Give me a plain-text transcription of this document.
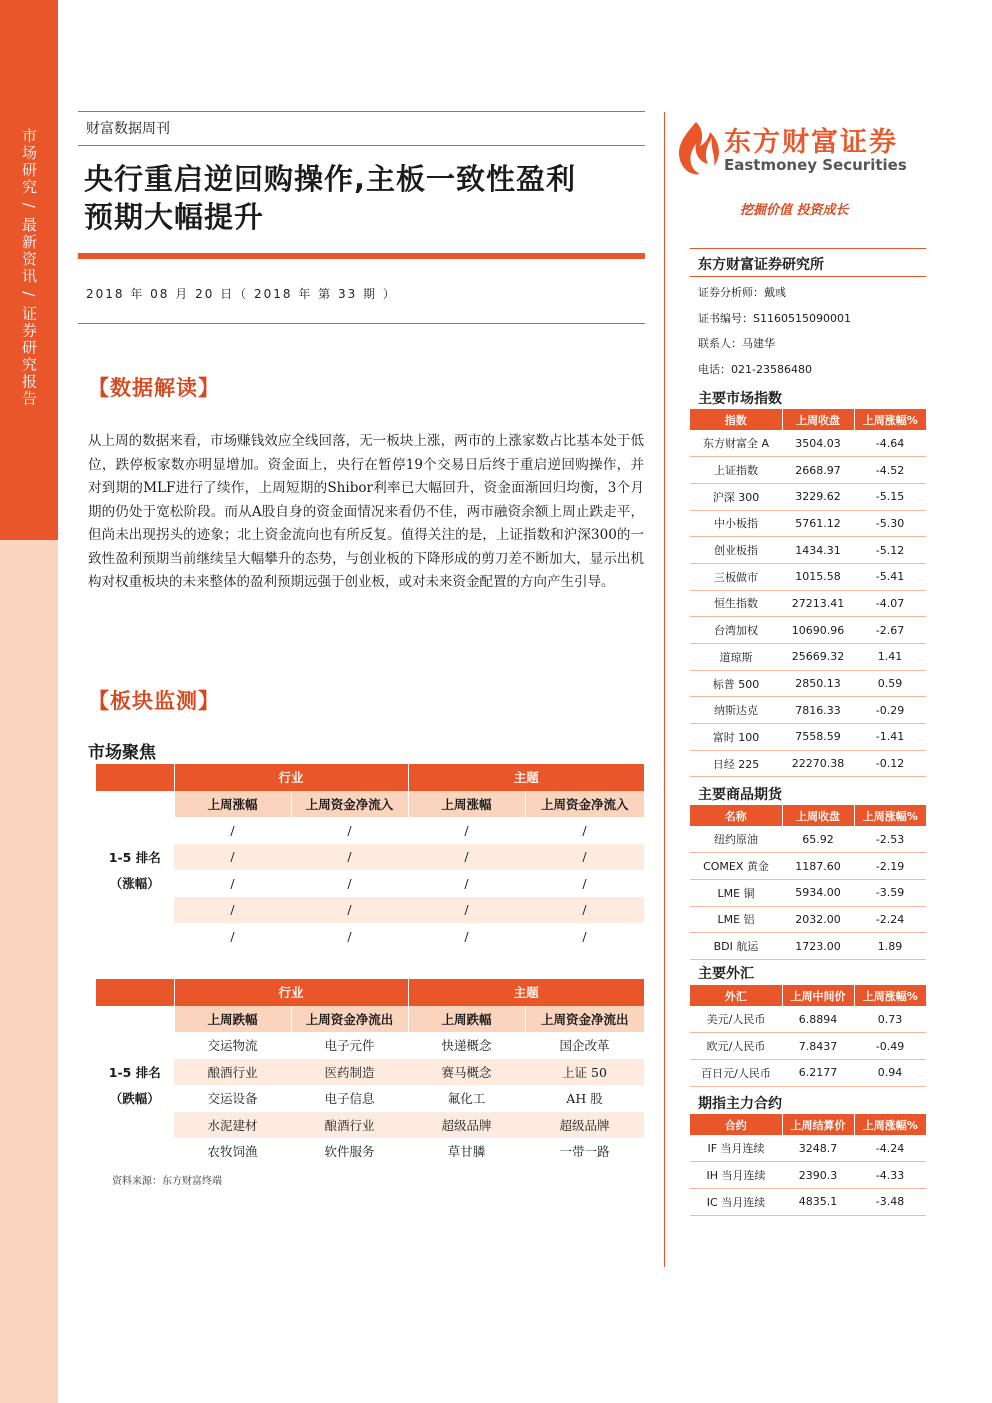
市场研究 / 最新资讯 / 证券研究报告	财富数据周刊
央行重启逆回购操作,主板一致性盈利
预期大幅提升
2018 年 08 月 20 日（ 2018 年 第 33 期 ）
【数据解读】
从上周的数据来看，市场赚钱效应全线回落，无一板块上涨，两市的上涨家数占比基本处于低位，跌停板家数亦明显增加。资金面上，央行在暂停19个交易日后终于重启逆回购操作，并对到期的MLF进行了续作，上周短期的Shibor利率已大幅回升，资金面渐回归均衡，3个月期的仍处于宽松阶段。而从A股自身的资金面情况来看仍不佳，两市融资余额上周止跌走平，但尚未出现拐头的迹象；北上资金流向也有所反复。值得关注的是，上证指数和沪深300的一致性盈利预期当前继续呈大幅攀升的态势，与创业板的下降形成的剪刀差不断加大，显示出机构对权重板块的未来整体的盈利预期远强于创业板，或对未来资金配置的方向产生引导。
【板块监测】
市场聚焦
	行业		主题	

1-5 排名
（涨幅）	上周涨幅	上周资金净流入	上周涨幅	上周资金净流入
	/	/	/	/
	/	/	/	/
	/	/	/	/
	/	/	/	/
	/	/	/	/
	行业		主题	

1-5 排名
（跌幅）	上周跌幅	上周资金净流出	上周跌幅	上周资金净流出
	交运物流	电子元件	快递概念	国企改革
	酿酒行业	医药制造	赛马概念	上证 50
	交运设备	电子信息	氟化工	AH 股
	水泥建材	酿酒行业	超级品牌	超级品牌
	农牧饲渔	软件服务	草甘膦	一带一路
资料来源：东方财富终端
东方财富证券
Eastmoney Securities
挖掘价值 投资成长
东方财富证券研究所
证券分析师：戴彧
证书编号：S1160515090001
联系人：马建华
电话：021-23586480
主要市场指数
指数	上周收盘	上周涨幅%
东方财富全 A	3504.03	-4.64
上证指数	2668.97	-4.52
沪深 300	3229.62	-5.15
中小板指	5761.12	-5.30
创业板指	1434.31	-5.12
三板做市	1015.58	-5.41
恒生指数	27213.41	-4.07
台湾加权	10690.96	-2.67
道琼斯	25669.32	1.41
标普 500	2850.13	0.59
纳斯达克	7816.33	-0.29
富时 100	7558.59	-1.41
日经 225	22270.38	-0.12
主要商品期货
名称	上周收盘	上周涨幅%
纽约原油	65.92	-2.53
COMEX 黄金	1187.60	-2.19
LME 铜	5934.00	-3.59
LME 铝	2032.00	-2.24
BDI 航运	1723.00	1.89
主要外汇
外汇	上周中间价	上周涨幅%
美元/人民币	6.8894	0.73
欧元/人民币	7.8437	-0.49
百日元/人民币	6.2177	0.94
期指主力合约
合约	上周结算价	上周涨幅%
IF 当月连续	3248.7	-4.24
IH 当月连续	2390.3	-4.33
IC 当月连续	4835.1	-3.48
